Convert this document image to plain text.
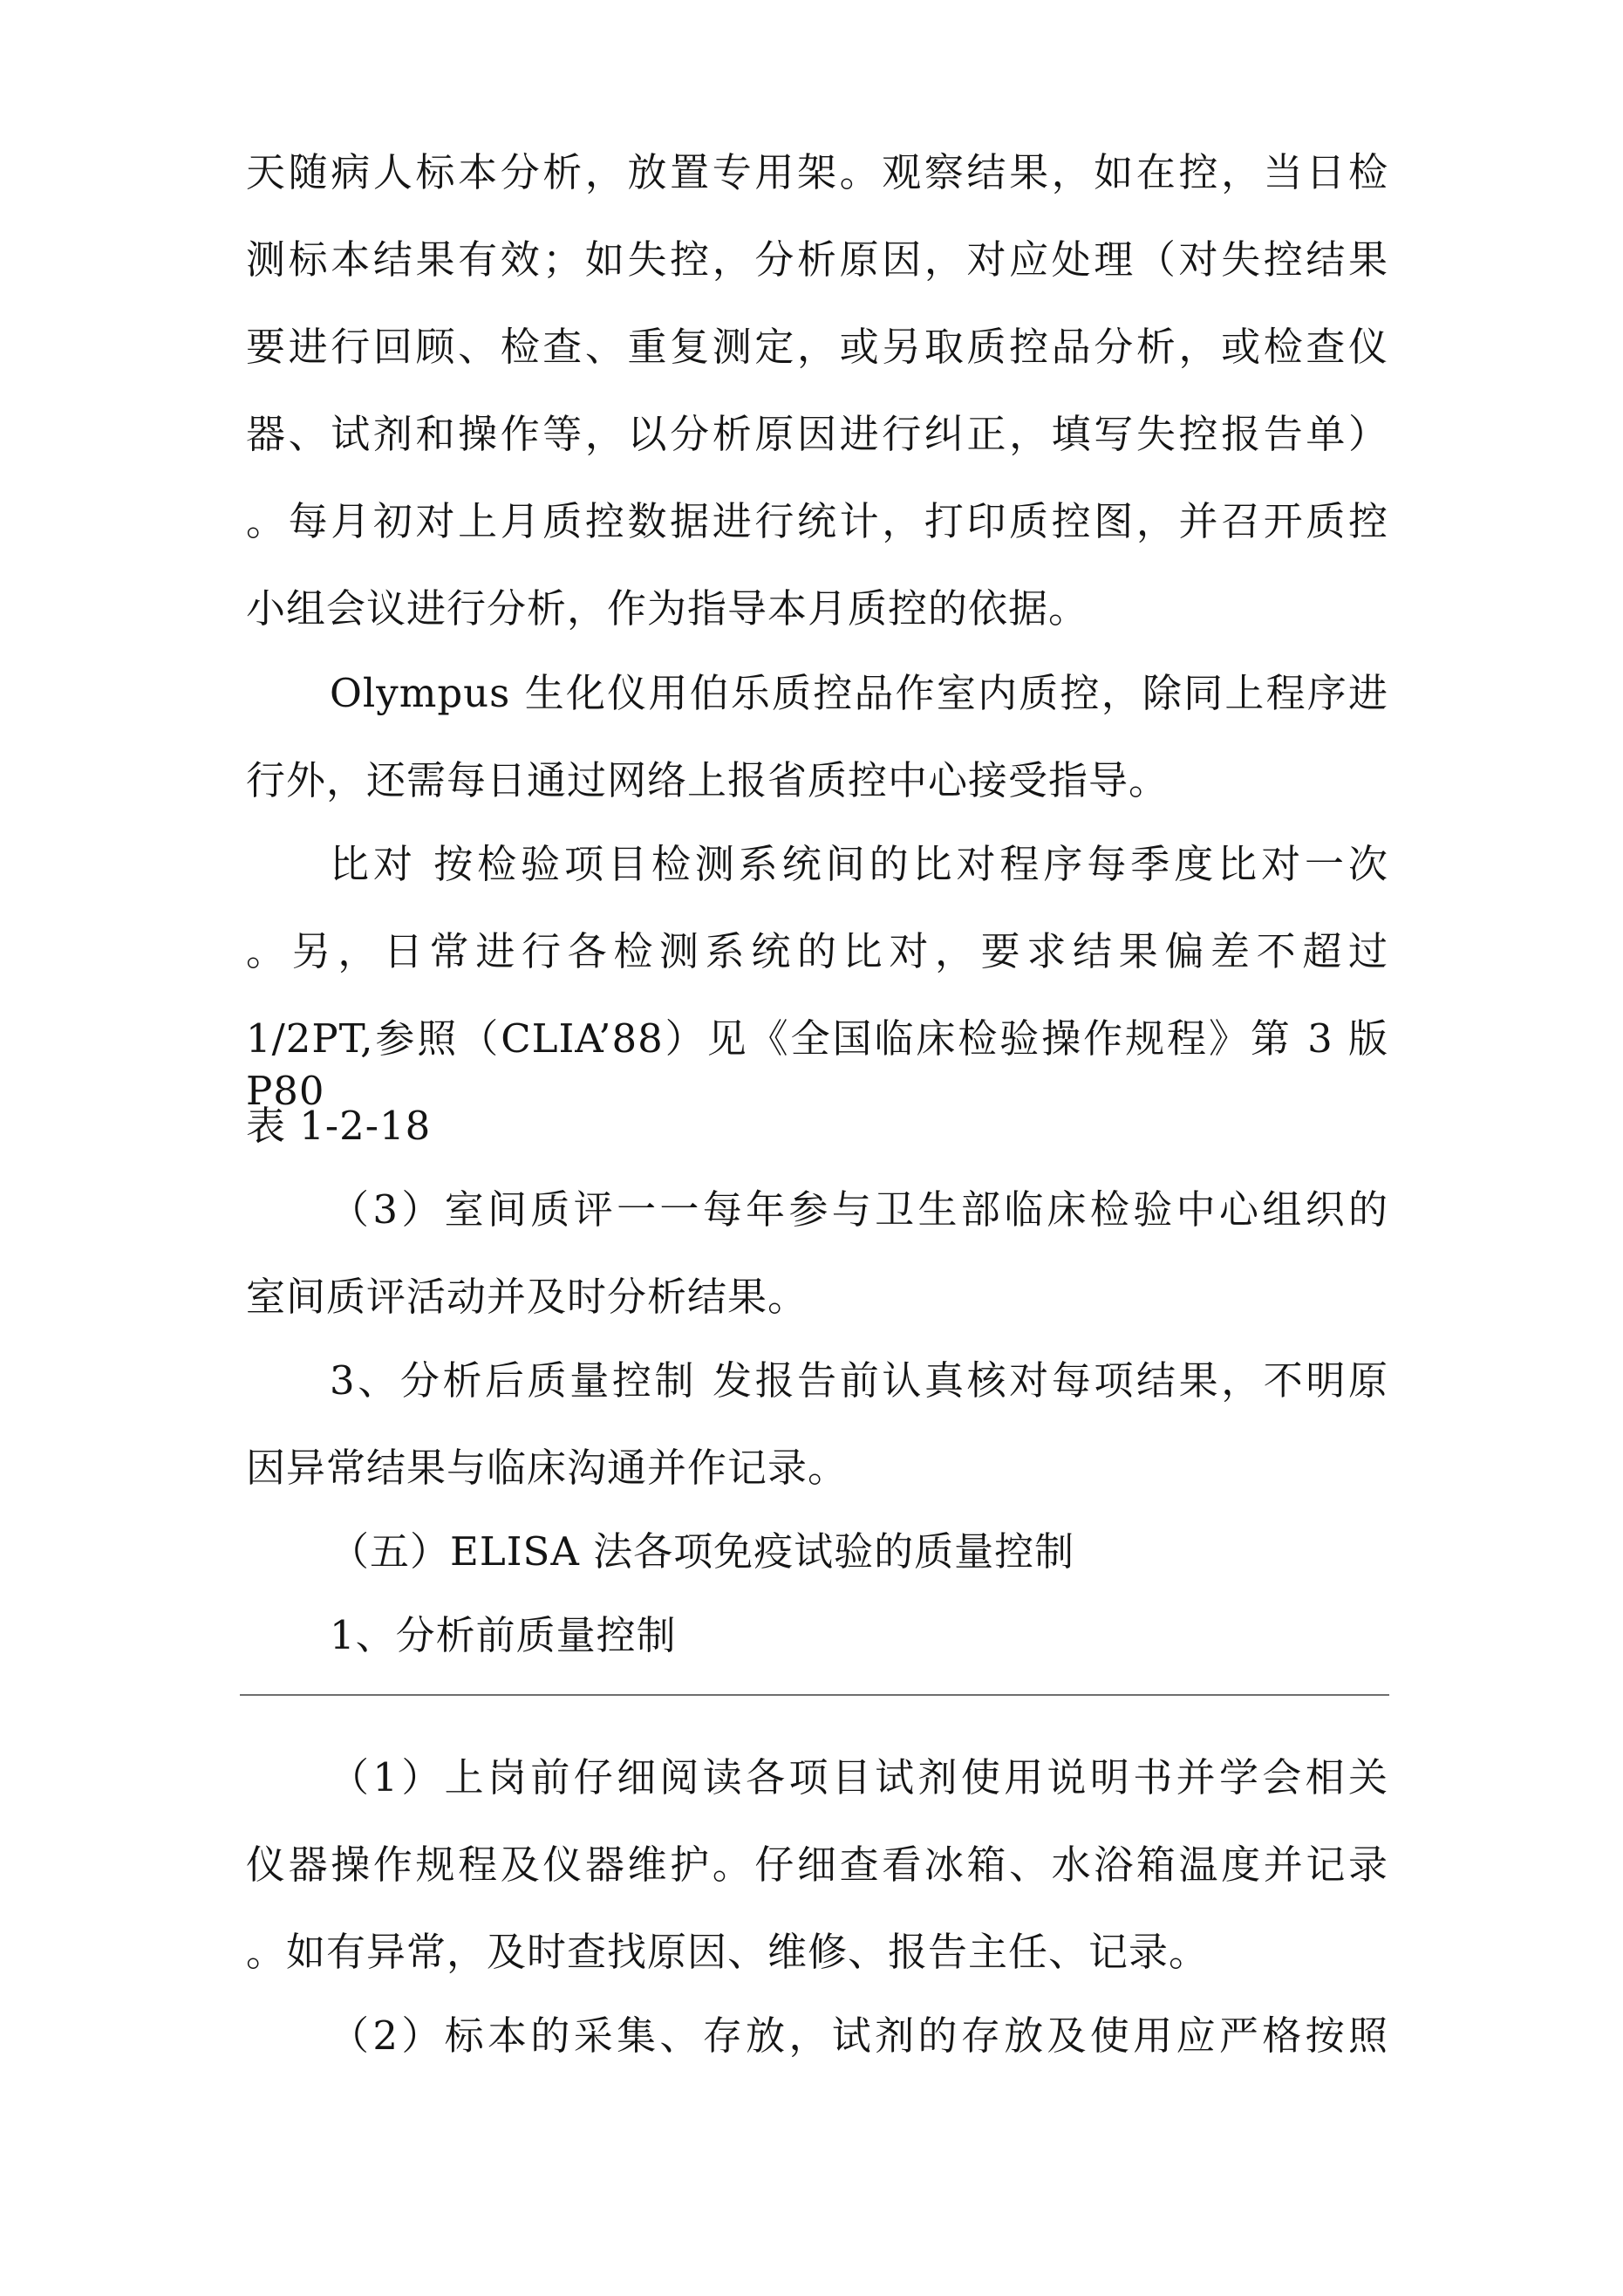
天随病人标本分析，放置专用架。观察结果，如在控，当日检
测标本结果有效；如失控，分析原因，对应处理（对失控结果
要进行回顾、检查、重复测定，或另取质控品分析，或检查仪
器、试剂和操作等，以分析原因进行纠正，填写失控报告单）
。每月初对上月质控数据进行统计，打印质控图，并召开质控
小组会议进行分析，作为指导本月质控的依据。
Olympus 生化仪用伯乐质控品作室内质控，除同上程序进
行外，还需每日通过网络上报省质控中心接受指导。
比对 按检验项目检测系统间的比对程序每季度比对一次
。另，日常进行各检测系统的比对，要求结果偏差不超过
1/2PT,参照（CLIA’88）见《全国临床检验操作规程》第 3 版 P80
表 1-2-18
（3）室间质评一一每年参与卫生部临床检验中心组织的
室间质评活动并及时分析结果。
3、分析后质量控制 发报告前认真核对每项结果，不明原
因异常结果与临床沟通并作记录。
（五）ELISA 法各项免疫试验的质量控制
1、分析前质量控制
（1）上岗前仔细阅读各项目试剂使用说明书并学会相关
仪器操作规程及仪器维护。仔细查看冰箱、水浴箱温度并记录
。如有异常，及时查找原因、维修、报告主任、记录。
（2）标本的采集、存放，试剂的存放及使用应严格按照
